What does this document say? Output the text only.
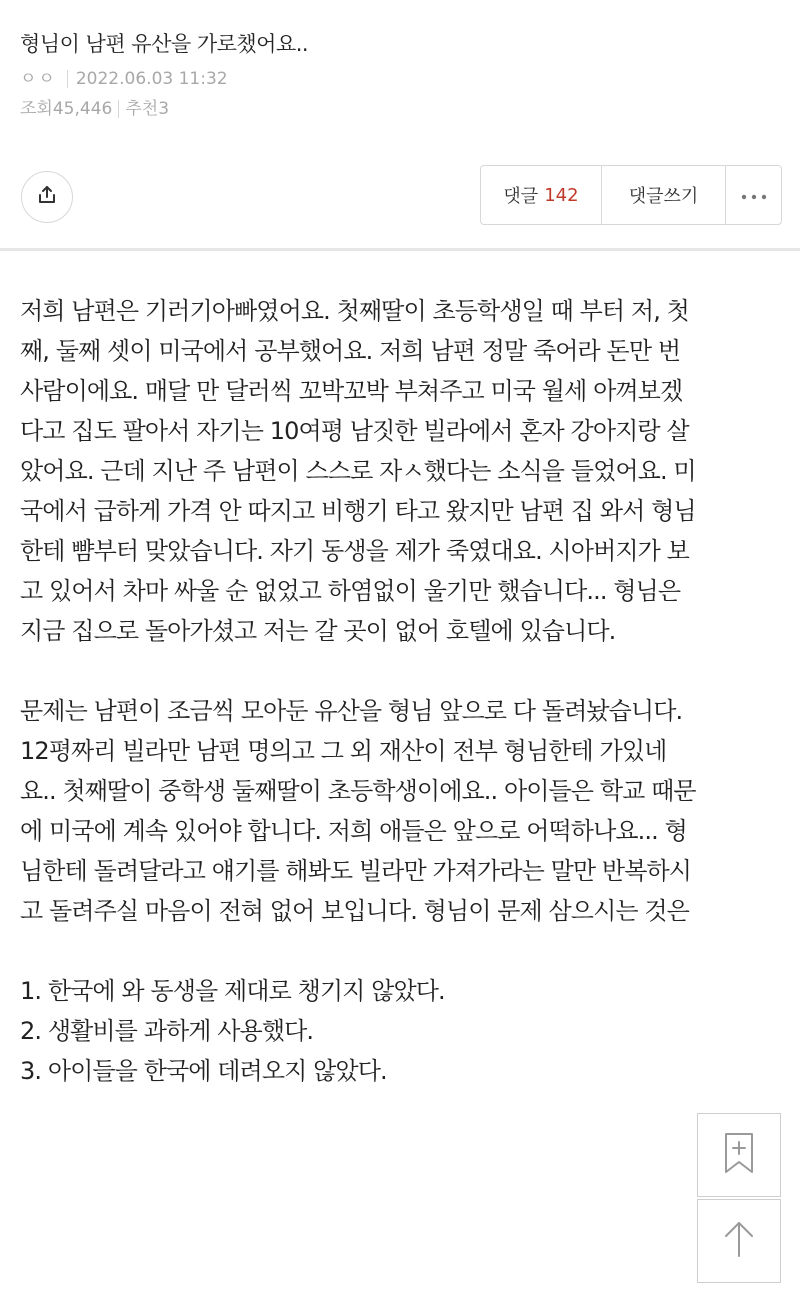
형님이 남편 유산을 가로챘어요..
ㅇㅇ 2022.06.03 11:32
조회 45,446 추천 3
댓글 142	댓글쓰기
저희 남편은 기러기아빠였어요. 첫째딸이 초등학생일 때 부터 저, 첫
째, 둘째 셋이 미국에서 공부했어요. 저희 남편 정말 죽어라 돈만 번
사람이에요. 매달 만 달러씩 꼬박꼬박 부쳐주고 미국 월세 아껴보겠
다고 집도 팔아서 자기는 10여평 남짓한 빌라에서 혼자 강아지랑 살
았어요. 근데 지난 주 남편이 스스로 자ㅅ했다는 소식을 들었어요. 미
국에서 급하게 가격 안 따지고 비행기 타고 왔지만 남편 집 와서 형님
한테 뺨부터 맞았습니다. 자기 동생을 제가 죽였대요. 시아버지가 보
고 있어서 차마 싸울 순 없었고 하염없이 울기만 했습니다... 형님은
지금 집으로 돌아가셨고 저는 갈 곳이 없어 호텔에 있습니다.
문제는 남편이 조금씩 모아둔 유산을 형님 앞으로 다 돌려놨습니다.
12평짜리 빌라만 남편 명의고 그 외 재산이 전부 형님한테 가있네
요.. 첫째딸이 중학생 둘째딸이 초등학생이에요.. 아이들은 학교 때문
에 미국에 계속 있어야 합니다. 저희 애들은 앞으로 어떡하나요... 형
님한테 돌려달라고 얘기를 해봐도 빌라만 가져가라는 말만 반복하시
고 돌려주실 마음이 전혀 없어 보입니다. 형님이 문제 삼으시는 것은
1. 한국에 와 동생을 제대로 챙기지 않았다.
2. 생활비를 과하게 사용했다.
3. 아이들을 한국에 데려오지 않았다.
